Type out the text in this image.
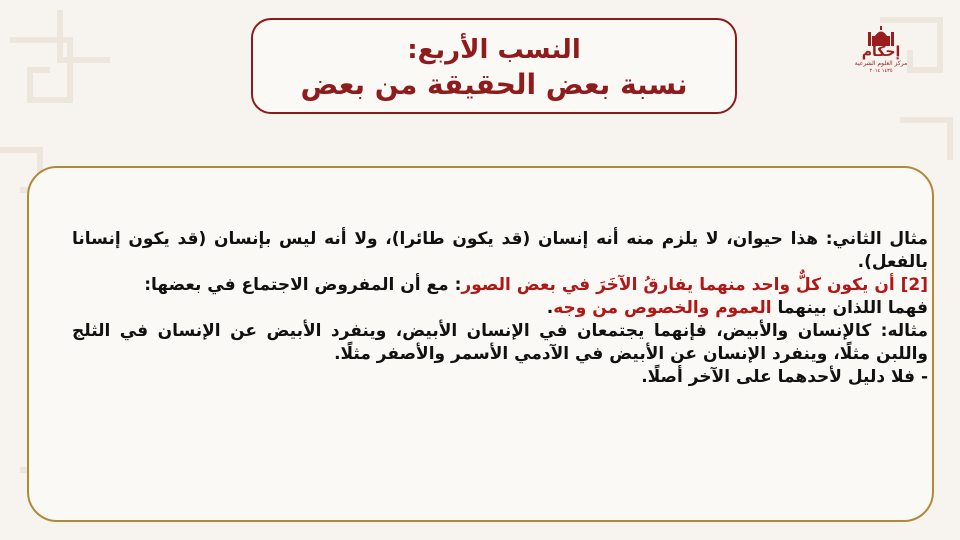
النسب الأربع:
نسبة بعض الحقيقة من بعض
إحكام
مركز العلوم الشرعية
١٤٣٥ ٢٠١٤

مثال الثاني: هذا حيوان، لا يلزم منه أنه إنسان (قد يكون طائرا)، ولا أنه ليس بإنسان (قد يكون إنسانا بالفعل).

[2] أن يكون كلٌّ واحد منهما يفارقُ الآخَرَ في بعض الصور: مع أن المفروض الاجتماع في بعضها:

فهما اللذان بينهما العموم والخصوص من وجه.

مثاله: كالإنسان والأبيض، فإنهما يجتمعان في الإنسان الأبيض، وينفرد الأبيض عن الإنسان في الثلج واللبن مثلًا، وينفرد الإنسان عن الأبيض في الآدمي الأسمر والأصفر مثلًا.

- فلا دليل لأحدهما على الآخر أصلًا.
